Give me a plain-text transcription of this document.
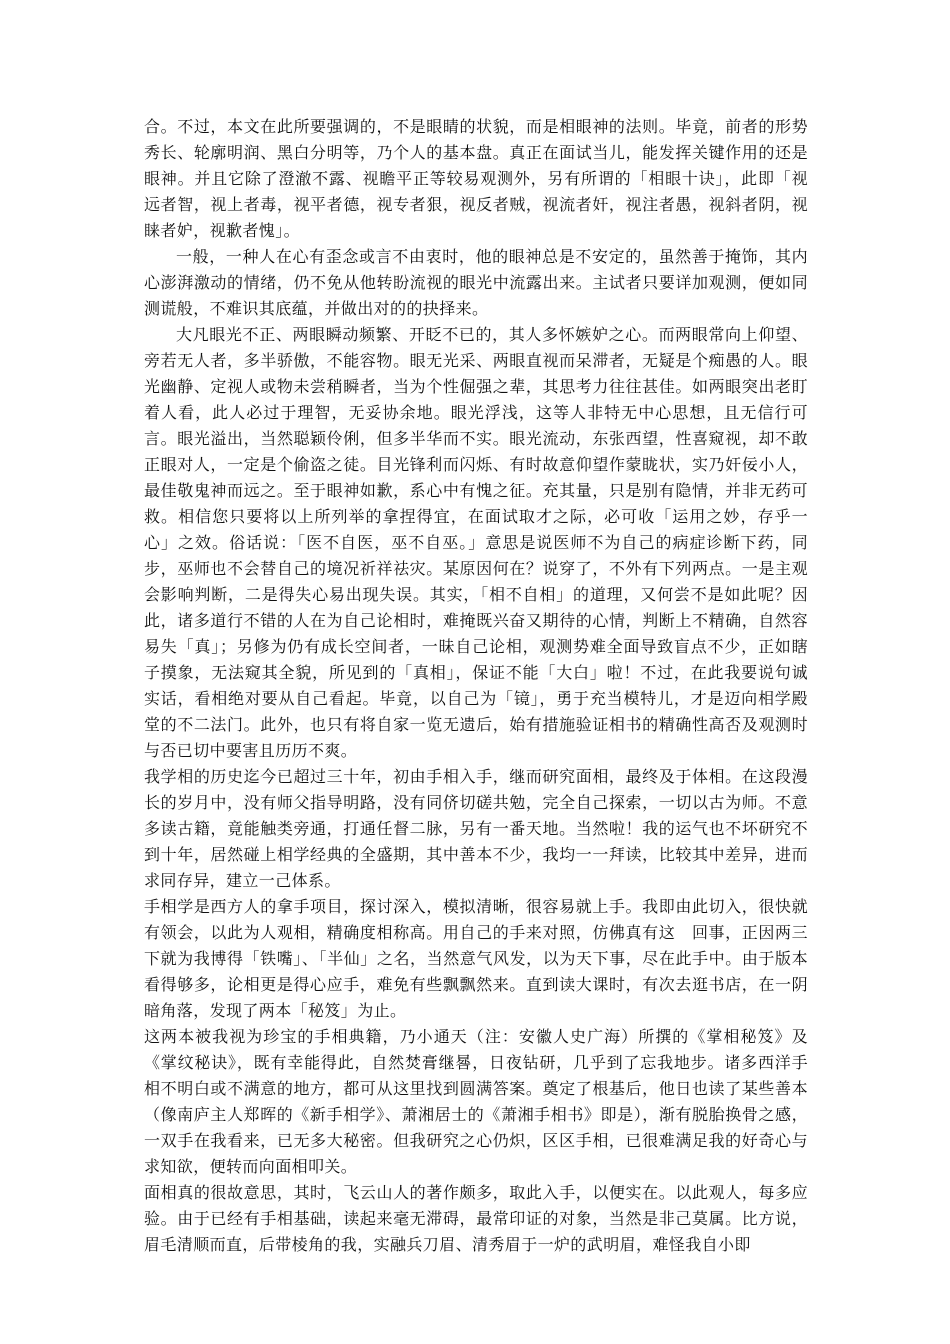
合。不过，本文在此所要强调的，不是眼睛的状貌，而是相眼神的法则。毕竟，前者的形势秀长、轮廓明润、黑白分明等，乃个人的基本盘。真正在面试当儿，能发挥关键作用的还是眼神。并且它除了澄澈不露、视瞻平正等较易观测外，另有所谓的「相眼十诀」，此即「视远者智，视上者毒，视平者德，视专者狠，视反者贼，视流者奸，视注者愚，视斜者阴，视睐者妒，视歉者愧」。

一般，一种人在心有歪念或言不由衷时，他的眼神总是不安定的，虽然善于掩饰，其内心澎湃激动的情绪，仍不免从他转盼流视的眼光中流露出来。主试者只要详加观测，便如同测谎般，不难识其底蕴，并做出对的的抉择来。

大凡眼光不正、两眼瞬动频繁、开眨不已的，其人多怀嫉妒之心。而两眼常向上仰望、旁若无人者，多半骄傲，不能容物。眼无光采、两眼直视而呆滞者，无疑是个痴愚的人。眼光幽静、定视人或物未尝稍瞬者，当为个性倔强之辈，其思考力往往甚佳。如两眼突出老盯着人看，此人必过于理智，无妥协余地。眼光浮浅，这等人非特无中心思想，且无信行可言。眼光溢出，当然聪颖伶俐，但多半华而不实。眼光流动，东张西望，性喜窥视，却不敢正眼对人，一定是个偷盗之徒。目光锋利而闪烁、有时故意仰望作蒙眬状，实乃奸佞小人，最佳敬鬼神而远之。至于眼神如歉，系心中有愧之征。充其量，只是别有隐情，并非无药可救。相信您只要将以上所列举的拿捏得宜，在面试取才之际，必可收「运用之妙，存乎一心」之效。俗话说：「医不自医，巫不自巫。」意思是说医师不为自己的病症诊断下药，同步，巫师也不会替自己的境况祈祥祛灾。某原因何在？说穿了，不外有下列两点。一是主观会影响判断，二是得失心易出现失误。其实，「相不自相」的道理，又何尝不是如此呢？因此，诸多道行不错的人在为自己论相时，难掩既兴奋又期待的心情，判断上不精确，自然容易失「真」；另修为仍有成长空间者，一昧自己论相，观测势难全面导致盲点不少，正如瞎子摸象，无法窥其全貌，所见到的「真相」，保证不能「大白」啦！不过，在此我要说句诚实话，看相绝对要从自己看起。毕竟，以自己为「镜」，勇于充当模特儿，才是迈向相学殿堂的不二法门。此外，也只有将自家一览无遗后，始有措施验证相书的精确性高否及观测时与否已切中要害且历历不爽。

我学相的历史迄今已超过三十年，初由手相入手，继而研究面相，最终及于体相。在这段漫长的岁月中，没有师父指导明路，没有同侪切磋共勉，完全自己探索，一切以古为师。不意多读古籍，竟能触类旁通，打通任督二脉，另有一番天地。当然啦！我的运气也不坏研究不到十年，居然碰上相学经典的全盛期，其中善本不少，我均一一拜读，比较其中差异，进而求同存异，建立一己体系。

手相学是西方人的拿手项目，探讨深入，模拟清晰，很容易就上手。我即由此切入，很快就有领会，以此为人观相，精确度相称高。用自己的手来对照，仿佛真有这　回事，正因两三下就为我博得「铁嘴」、「半仙」之名，当然意气风发，以为天下事，尽在此手中。由于版本看得够多，论相更是得心应手，难免有些飘飘然来。直到读大课时，有次去逛书店，在一阴暗角落，发现了两本「秘笈」为止。

这两本被我视为珍宝的手相典籍，乃小通天（注：安徽人史广海）所撰的《掌相秘笈》及《掌纹秘诀》，既有幸能得此，自然焚膏继晷，日夜钻研，几乎到了忘我地步。诸多西洋手相不明白或不满意的地方，都可从这里找到圆满答案。奠定了根基后，他日也读了某些善本（像南庐主人郑晖的《新手相学》、萧湘居士的《萧湘手相书》即是），渐有脱胎换骨之感，一双手在我看来，已无多大秘密。但我研究之心仍炽，区区手相，已很难满足我的好奇心与求知欲，便转而向面相叩关。

面相真的很故意思，其时，飞云山人的著作颇多，取此入手，以便实在。以此观人，每多应验。由于已经有手相基础，读起来毫无滞碍，最常印证的对象，当然是非己莫属。比方说，眉毛清顺而直，后带棱角的我，实融兵刀眉、清秀眉于一炉的武明眉，难怪我自小即
